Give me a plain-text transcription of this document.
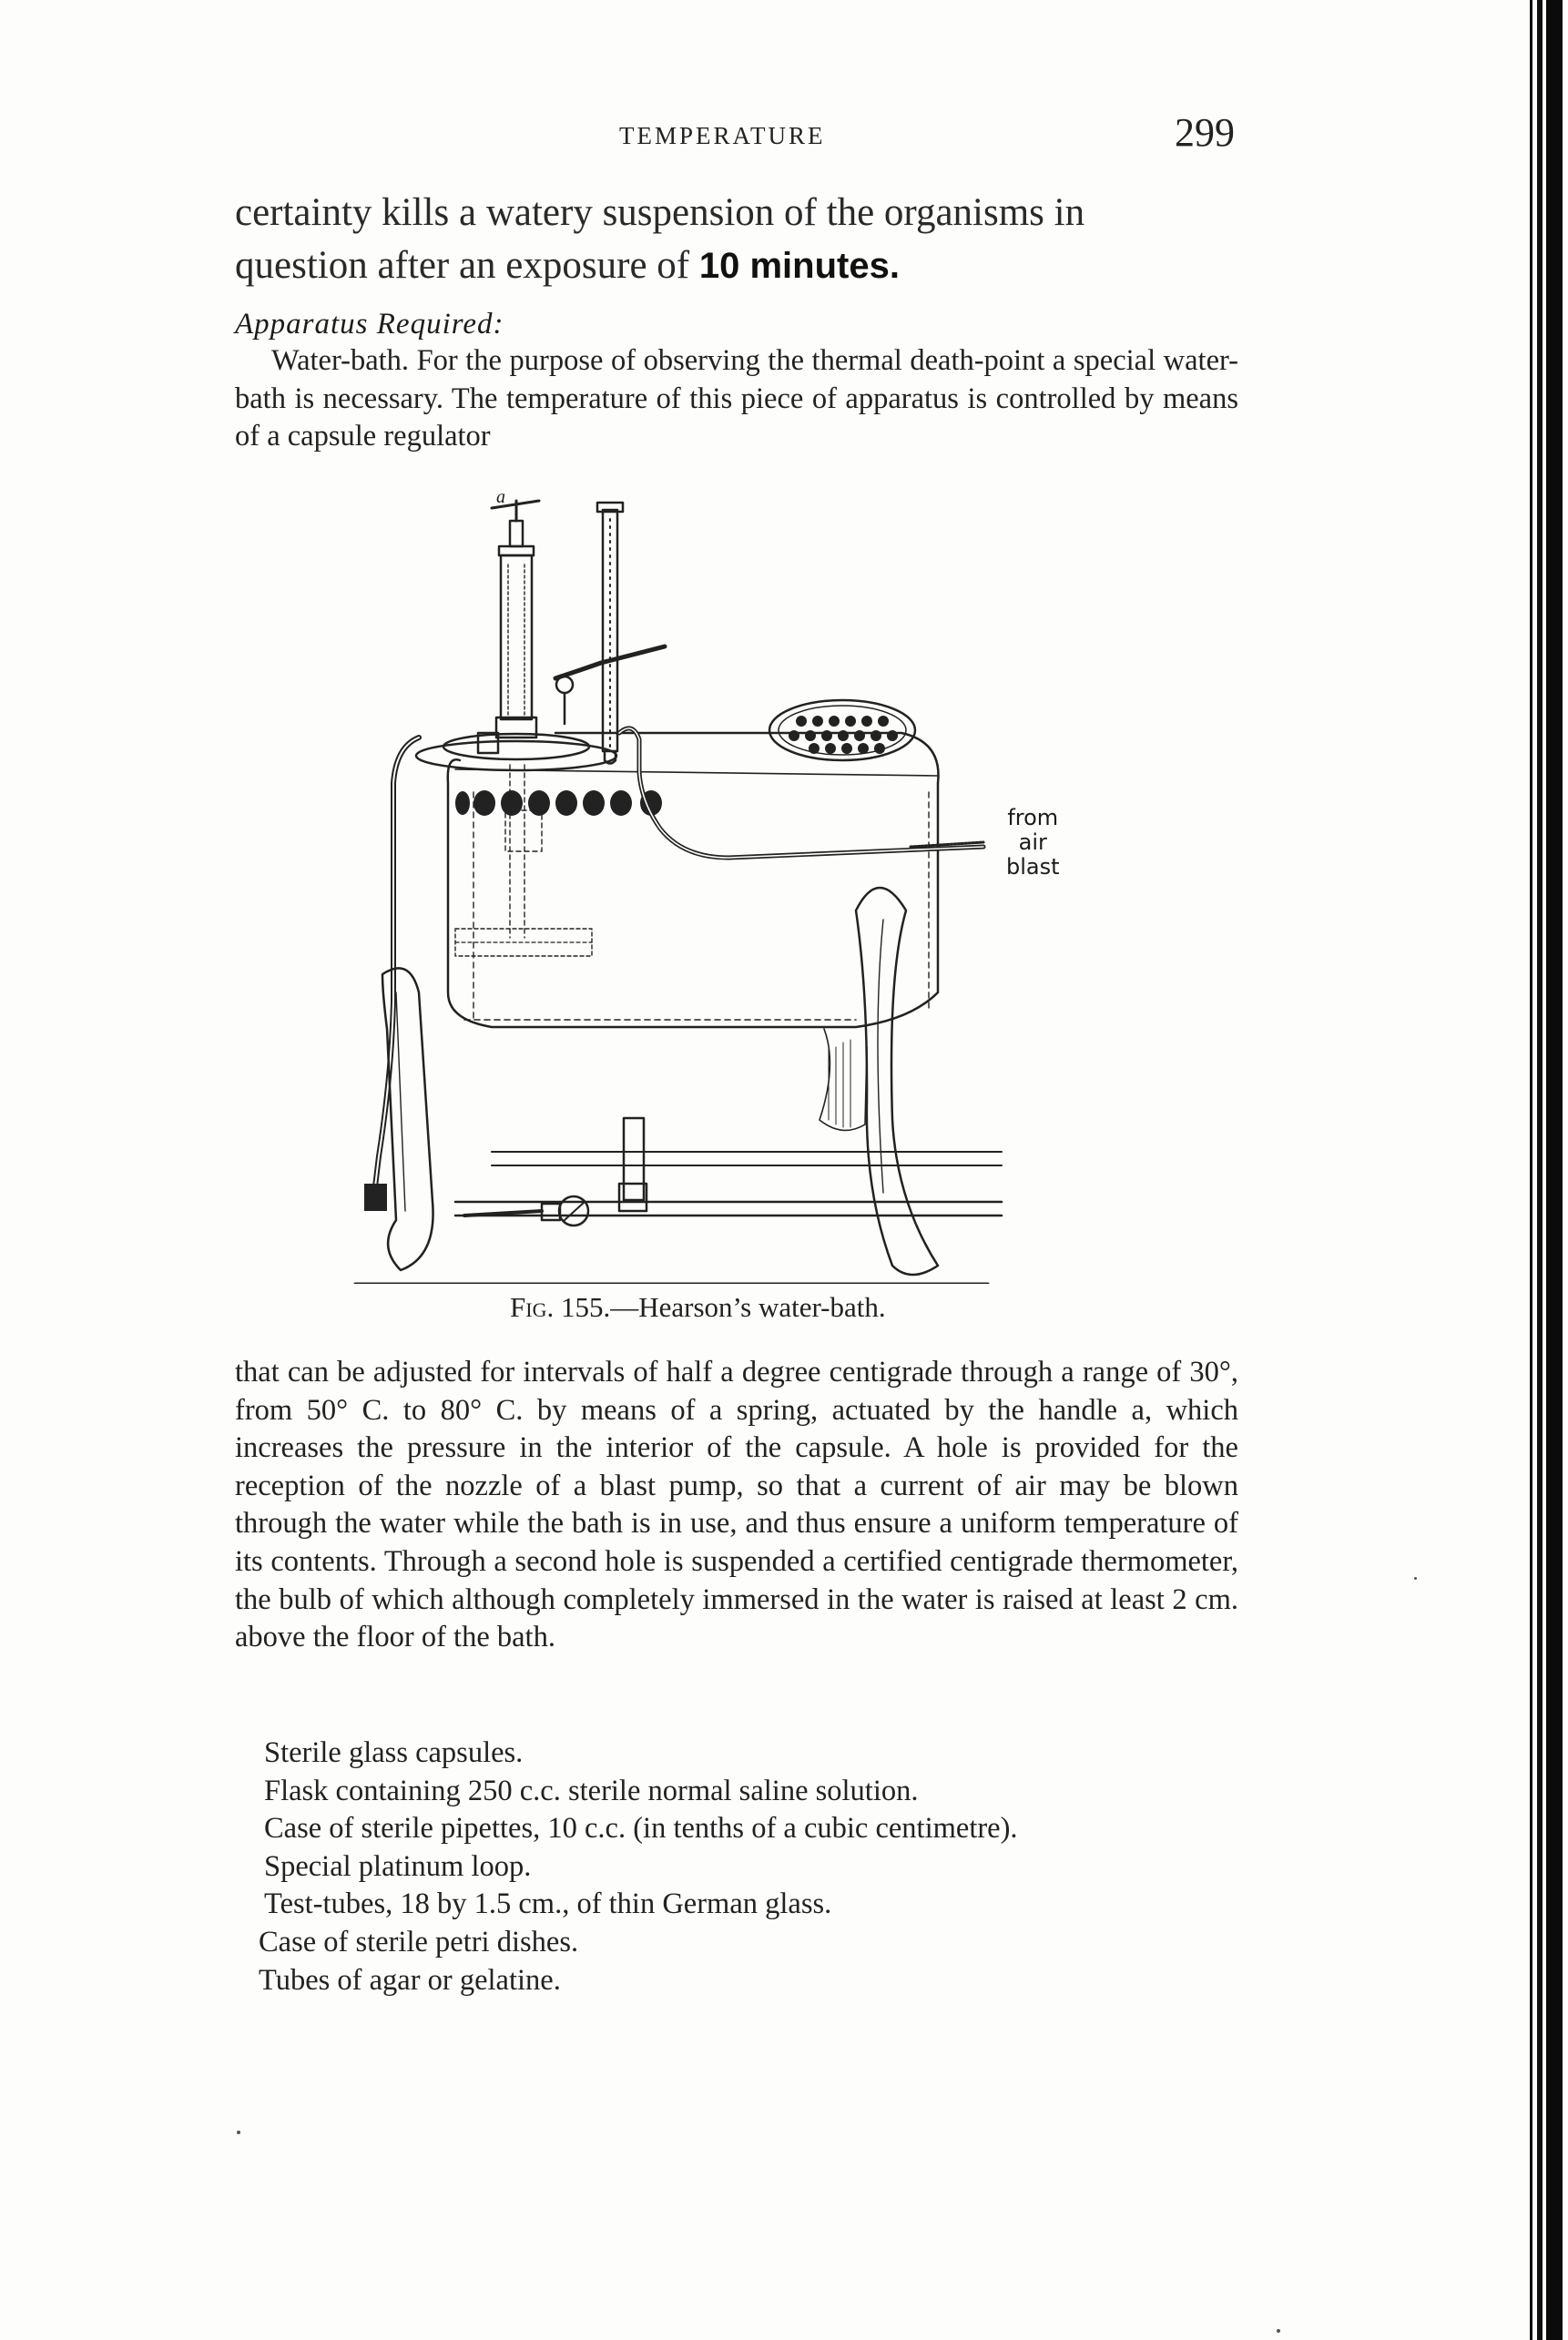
TEMPERATURE	299
certainty kills a watery suspension of the organisms in
question after an exposure of 10 minutes.
Apparatus Required:
Water-bath. For the purpose of observing the thermal death-point a special water-bath is necessary. The temperature of this piece of apparatus is controlled by means of a capsule regulator
a
from
air
blast
Fig. 155.—Hearson’s water-bath.
that can be adjusted for intervals of half a degree centigrade through a range of 30°, from 50° C. to 80° C. by means of a spring, actuated by the handle a, which increases the pressure in the interior of the capsule. A hole is provided for the reception of the nozzle of a blast pump, so that a current of air may be blown through the water while the bath is in use, and thus ensure a uniform temperature of its contents. Through a second hole is suspended a certified centigrade thermometer, the bulb of which although completely immersed in the water is raised at least 2 cm. above the floor of the bath.
Sterile glass capsules.
Flask containing 250 c.c. sterile normal saline solution.
Case of sterile pipettes, 10 c.c. (in tenths of a cubic centimetre).
Special platinum loop.
Test-tubes, 18 by 1.5 cm., of thin German glass.
Case of sterile petri dishes.
Tubes of agar or gelatine.
